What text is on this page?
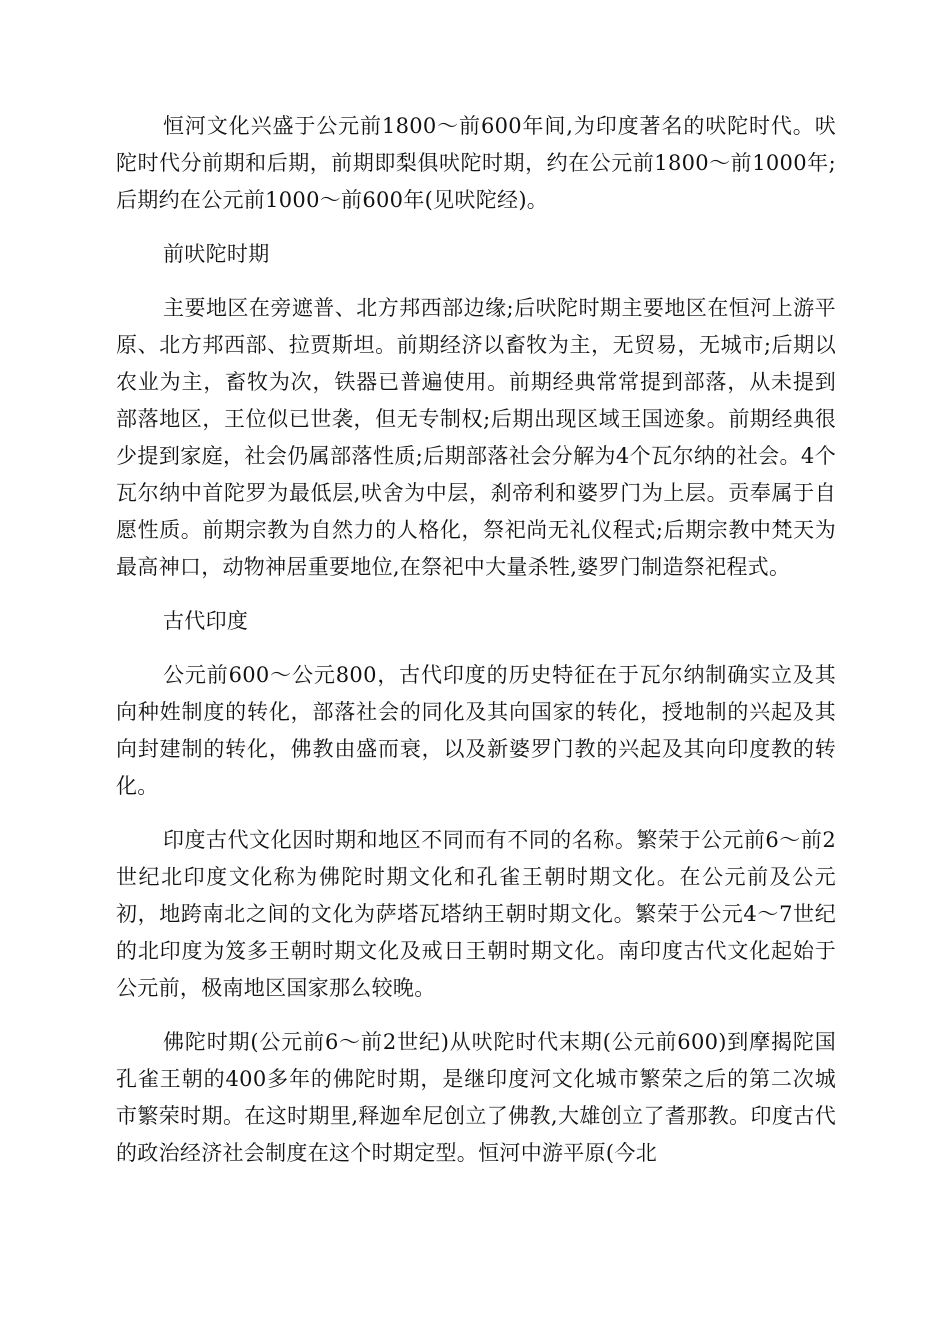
恒河文化兴盛于公元前1800～前600年间,为印度著名的吠陀时代。吠陀时代分前期和后期，前期即梨俱吠陀时期，约在公元前1800～前1000年;后期约在公元前1000～前600年(见吠陀经)。

前吠陀时期

主要地区在旁遮普、北方邦西部边缘;后吠陀时期主要地区在恒河上游平原、北方邦西部、拉贾斯坦。前期经济以畜牧为主，无贸易，无城市;后期以农业为主，畜牧为次，铁器已普遍使用。前期经典常常提到部落，从未提到部落地区，王位似已世袭，但无专制权;后期出现区域王国迹象。前期经典很少提到家庭，社会仍属部落性质;后期部落社会分解为4个瓦尔纳的社会。4个瓦尔纳中首陀罗为最低层,吠舍为中层，刹帝利和婆罗门为上层。贡奉属于自愿性质。前期宗教为自然力的人格化，祭祀尚无礼仪程式;后期宗教中梵天为最高神口，动物神居重要地位,在祭祀中大量杀牲,婆罗门制造祭祀程式。

古代印度

公元前600～公元800，古代印度的历史特征在于瓦尔纳制确实立及其向种姓制度的转化，部落社会的同化及其向国家的转化，授地制的兴起及其向封建制的转化，佛教由盛而衰，以及新婆罗门教的兴起及其向印度教的转化。

印度古代文化因时期和地区不同而有不同的名称。繁荣于公元前6～前2世纪北印度文化称为佛陀时期文化和孔雀王朝时期文化。在公元前及公元初，地跨南北之间的文化为萨塔瓦塔纳王朝时期文化。繁荣于公元4～7世纪的北印度为笈多王朝时期文化及戒日王朝时期文化。南印度古代文化起始于公元前，极南地区国家那么较晚。

佛陀时期(公元前6～前2世纪)从吠陀时代末期(公元前600)到摩揭陀国孔雀王朝的400多年的佛陀时期，是继印度河文化城市繁荣之后的第二次城市繁荣时期。在这时期里,释迦牟尼创立了佛教,大雄创立了耆那教。印度古代的政治经济社会制度在这个时期定型。恒河中游平原(今北
